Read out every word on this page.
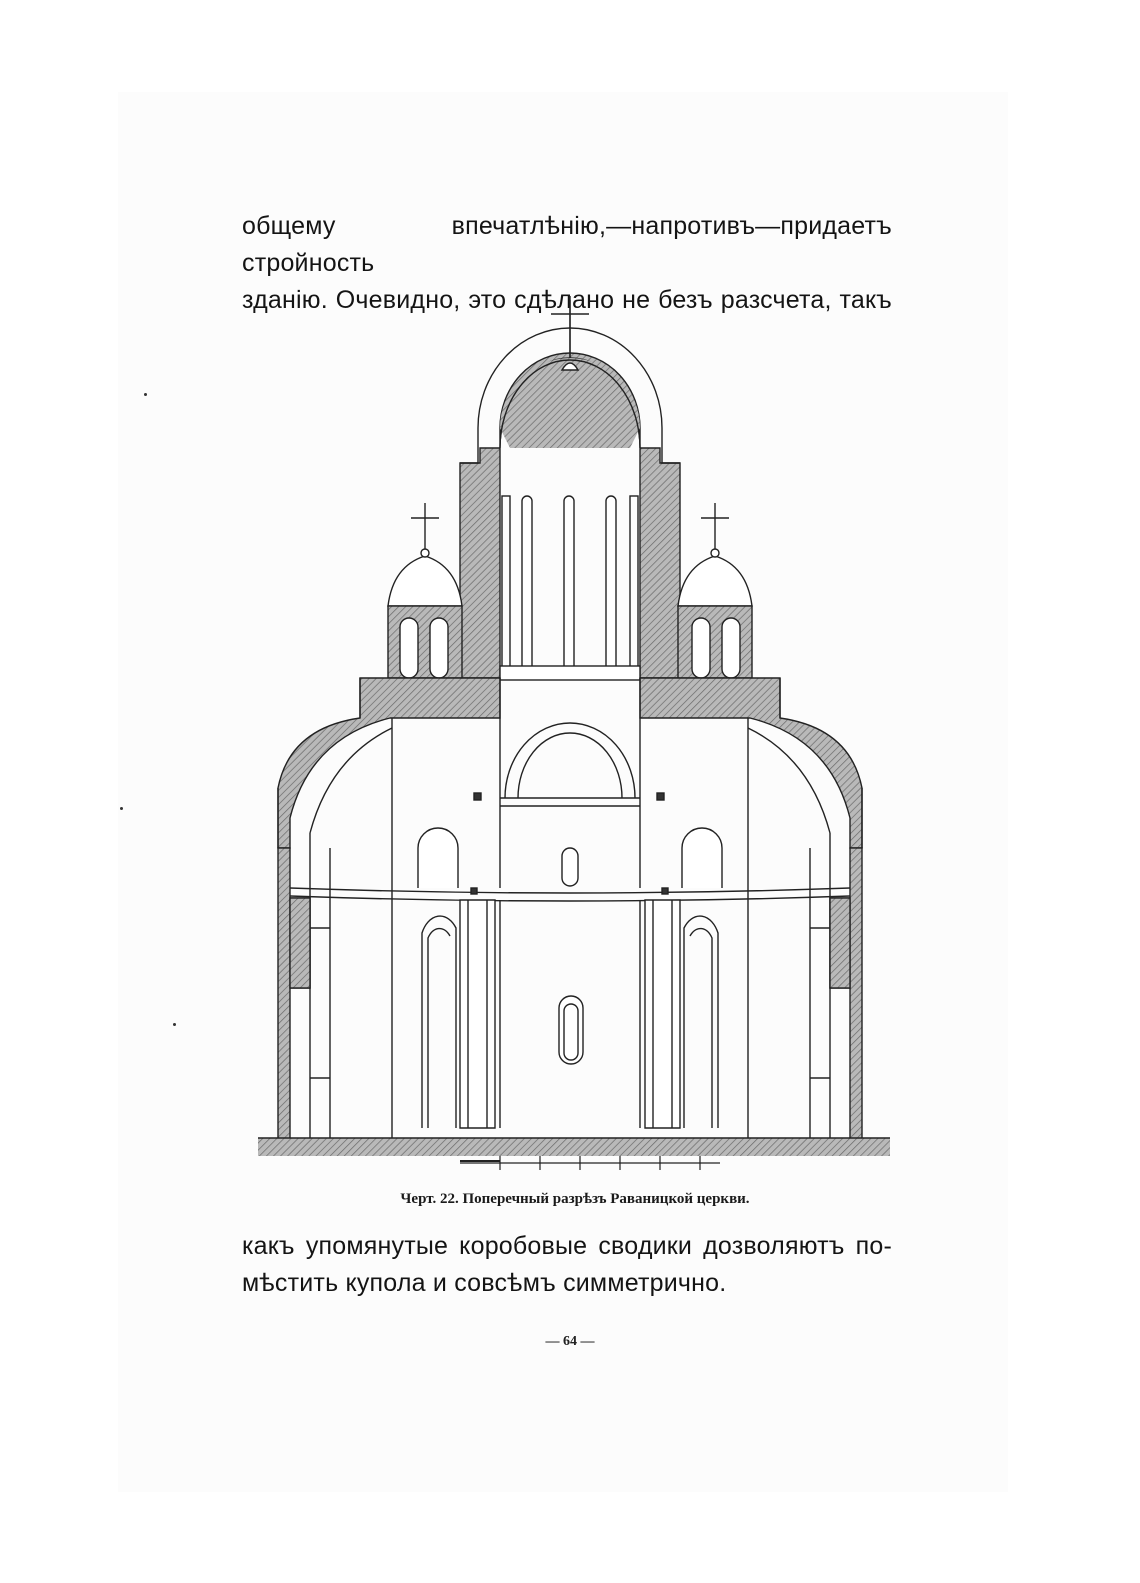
общему впечатлѣнію,—напротивъ—придаетъ стройность
зданію. Очевидно, это сдѣлано не безъ разсчета, такъ
Черт. 22. Поперечный разрѣзъ Раваницкой церкви.
какъ упомянутые коробовые сводики дозволяютъ по-
мѣстить купола и совсѣмъ симметрично.
— 64 —
